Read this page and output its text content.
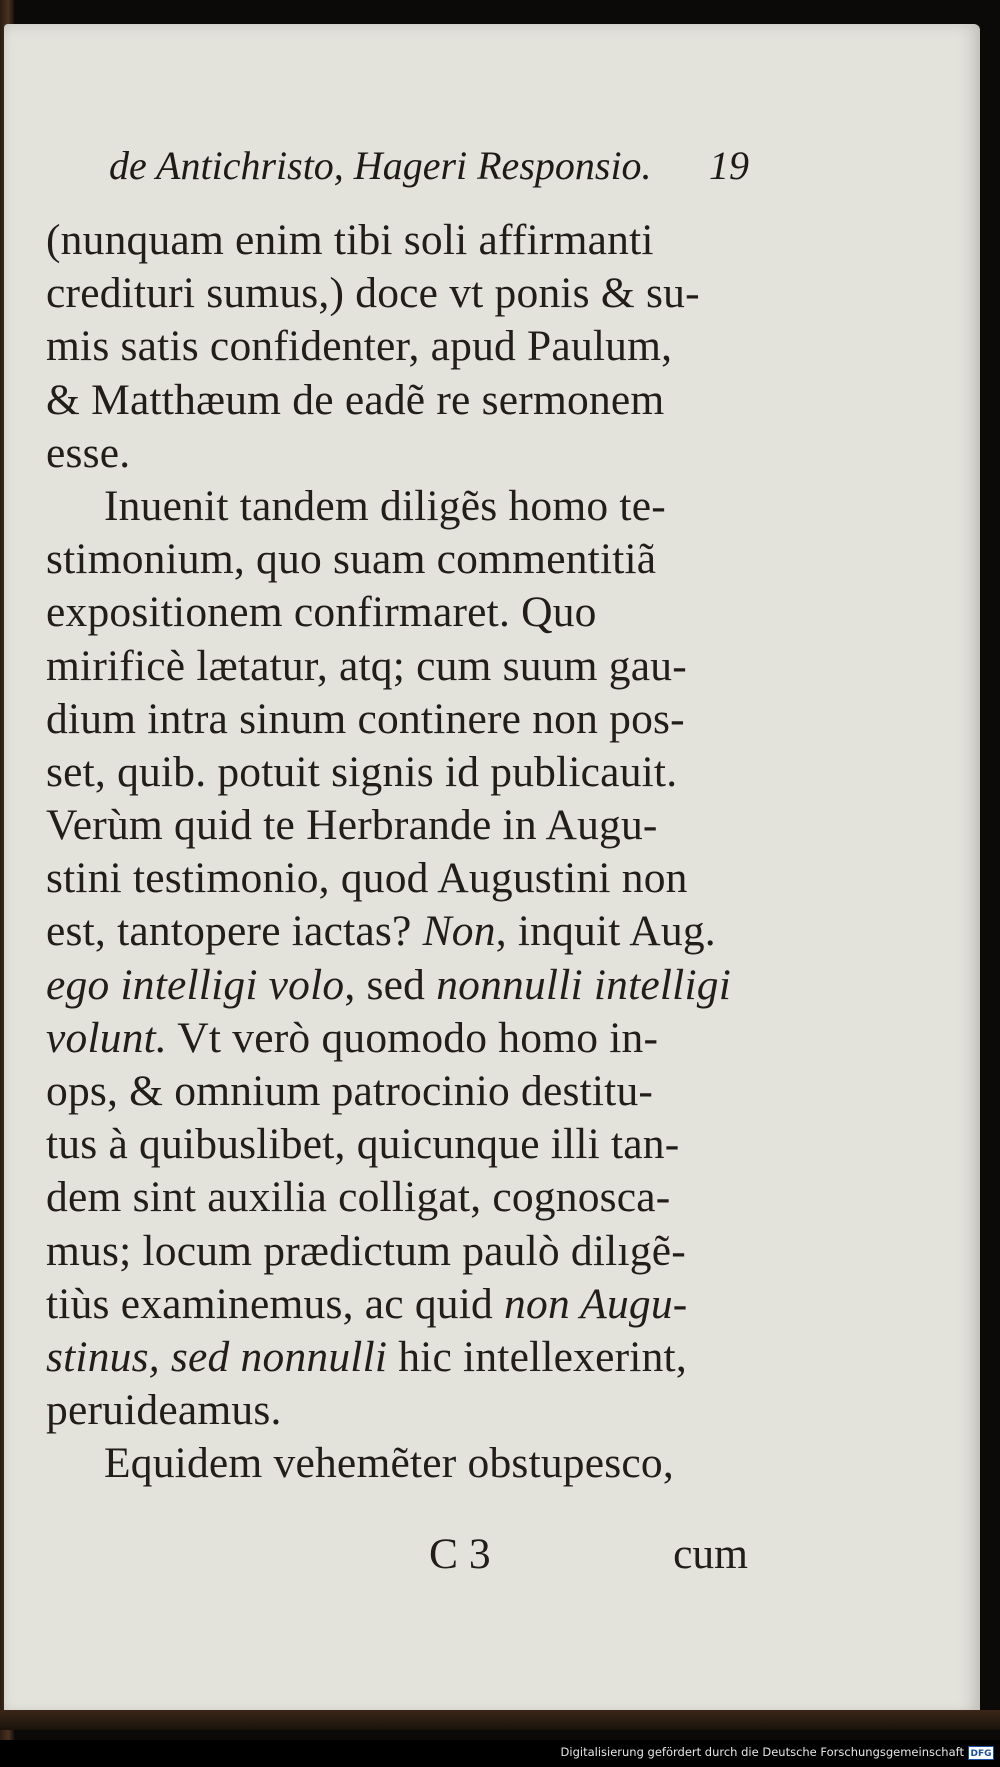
de Antichristo, Hageri Responsio. 19
(nunquam enim tibi soli affirmanti
credituri sumus,) doce vt ponis & su-
mis satis confidenter, apud Paulum,
& Matthæum de eadẽ re sermonem
esse.
Inuenit tandem diligẽs homo te-
stimonium, quo suam commentitiã
expositionem confirmaret. Quo
mirificè lætatur, atq; cum suum gau-
dium intra sinum continere non pos-
set, quib. potuit signis id publicauit.
Verùm quid te Herbrande in Augu-
stini testimonio, quod Augustini non
est, tantopere iactas? Non, inquit Aug.
ego intelligi volo, sed nonnulli intelligi
volunt. Vt verò quomodo homo in-
ops, & omnium patrocinio destitu-
tus à quibuslibet, quicunque illi tan-
dem sint auxilia colligat, cognosca-
mus; locum prædictum paulò dilıgẽ-
tiùs examinemus, ac quid non Augu-
stinus, sed nonnulli hic intellexerint,
peruideamus.
Equidem vehemẽter obstupesco,
C 3	cum
Digitalisierung gefördert durch die Deutsche Forschungsgemeinschaft DFG
